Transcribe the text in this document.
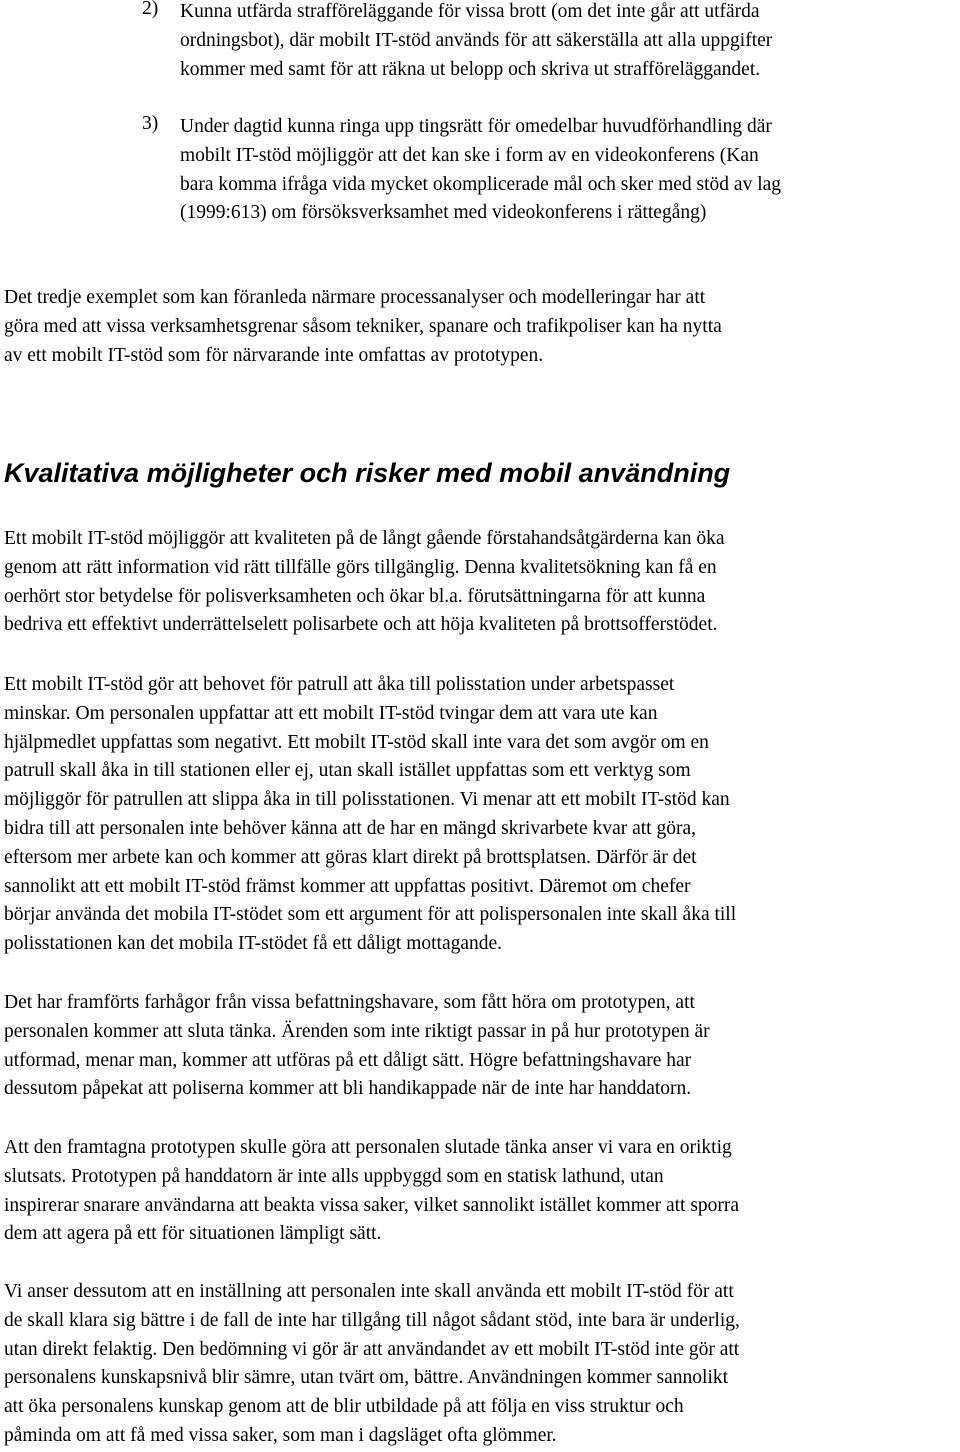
2) Kunna utfärda strafföreläggande för vissa brott (om det inte går att utfärda
ordningsbot), där mobilt IT-stöd används för att säkerställa att alla uppgifter
kommer med samt för att räkna ut belopp och skriva ut strafföreläggandet.
3) Under dagtid kunna ringa upp tingsrätt för omedelbar huvudförhandling där
mobilt IT-stöd möjliggör att det kan ske i form av en videokonferens (Kan
bara komma ifråga vida mycket okomplicerade mål och sker med stöd av lag
(1999:613) om försöksverksamhet med videokonferens i rättegång)
Det tredje exemplet som kan föranleda närmare processanalyser och modelleringar har att
göra med att vissa verksamhetsgrenar såsom tekniker, spanare och trafikpoliser kan ha nytta
av ett mobilt IT-stöd som för närvarande inte omfattas av prototypen.
Kvalitativa möjligheter och risker med mobil användning
Ett mobilt IT-stöd möjliggör att kvaliteten på de långt gående förstahandsåtgärderna kan öka
genom att rätt information vid rätt tillfälle görs tillgänglig. Denna kvalitetsökning kan få en
oerhört stor betydelse för polisverksamheten och ökar bl.a. förutsättningarna för att kunna
bedriva ett effektivt underrättelselett polisarbete och att höja kvaliteten på brottsofferstödet.
Ett mobilt IT-stöd gör att behovet för patrull att åka till polisstation under arbetspasset
minskar. Om personalen uppfattar att ett mobilt IT-stöd tvingar dem att vara ute kan
hjälpmedlet uppfattas som negativt. Ett mobilt IT-stöd skall inte vara det som avgör om en
patrull skall åka in till stationen eller ej, utan skall istället uppfattas som ett verktyg som
möjliggör för patrullen att slippa åka in till polisstationen. Vi menar att ett mobilt IT-stöd kan
bidra till att personalen inte behöver känna att de har en mängd skrivarbete kvar att göra,
eftersom mer arbete kan och kommer att göras klart direkt på brottsplatsen. Därför är det
sannolikt att ett mobilt IT-stöd främst kommer att uppfattas positivt. Däremot om chefer
börjar använda det mobila IT-stödet som ett argument för att polispersonalen inte skall åka till
polisstationen kan det mobila IT-stödet få ett dåligt mottagande.
Det har framförts farhågor från vissa befattningshavare, som fått höra om prototypen, att
personalen kommer att sluta tänka. Ärenden som inte riktigt passar in på hur prototypen är
utformad, menar man, kommer att utföras på ett dåligt sätt. Högre befattningshavare har
dessutom påpekat att poliserna kommer att bli handikappade när de inte har handdatorn.
Att den framtagna prototypen skulle göra att personalen slutade tänka anser vi vara en oriktig
slutsats. Prototypen på handdatorn är inte alls uppbyggd som en statisk lathund, utan
inspirerar snarare användarna att beakta vissa saker, vilket sannolikt istället kommer att sporra
dem att agera på ett för situationen lämpligt sätt.
Vi anser dessutom att en inställning att personalen inte skall använda ett mobilt IT-stöd för att
de skall klara sig bättre i de fall de inte har tillgång till något sådant stöd, inte bara är underlig,
utan direkt felaktig. Den bedömning vi gör är att användandet av ett mobilt IT-stöd inte gör att
personalens kunskapsnivå blir sämre, utan tvärt om, bättre. Användningen kommer sannolikt
att öka personalens kunskap genom att de blir utbildade på att följa en viss struktur och
påminda om att få med vissa saker, som man i dagsläget ofta glömmer.
